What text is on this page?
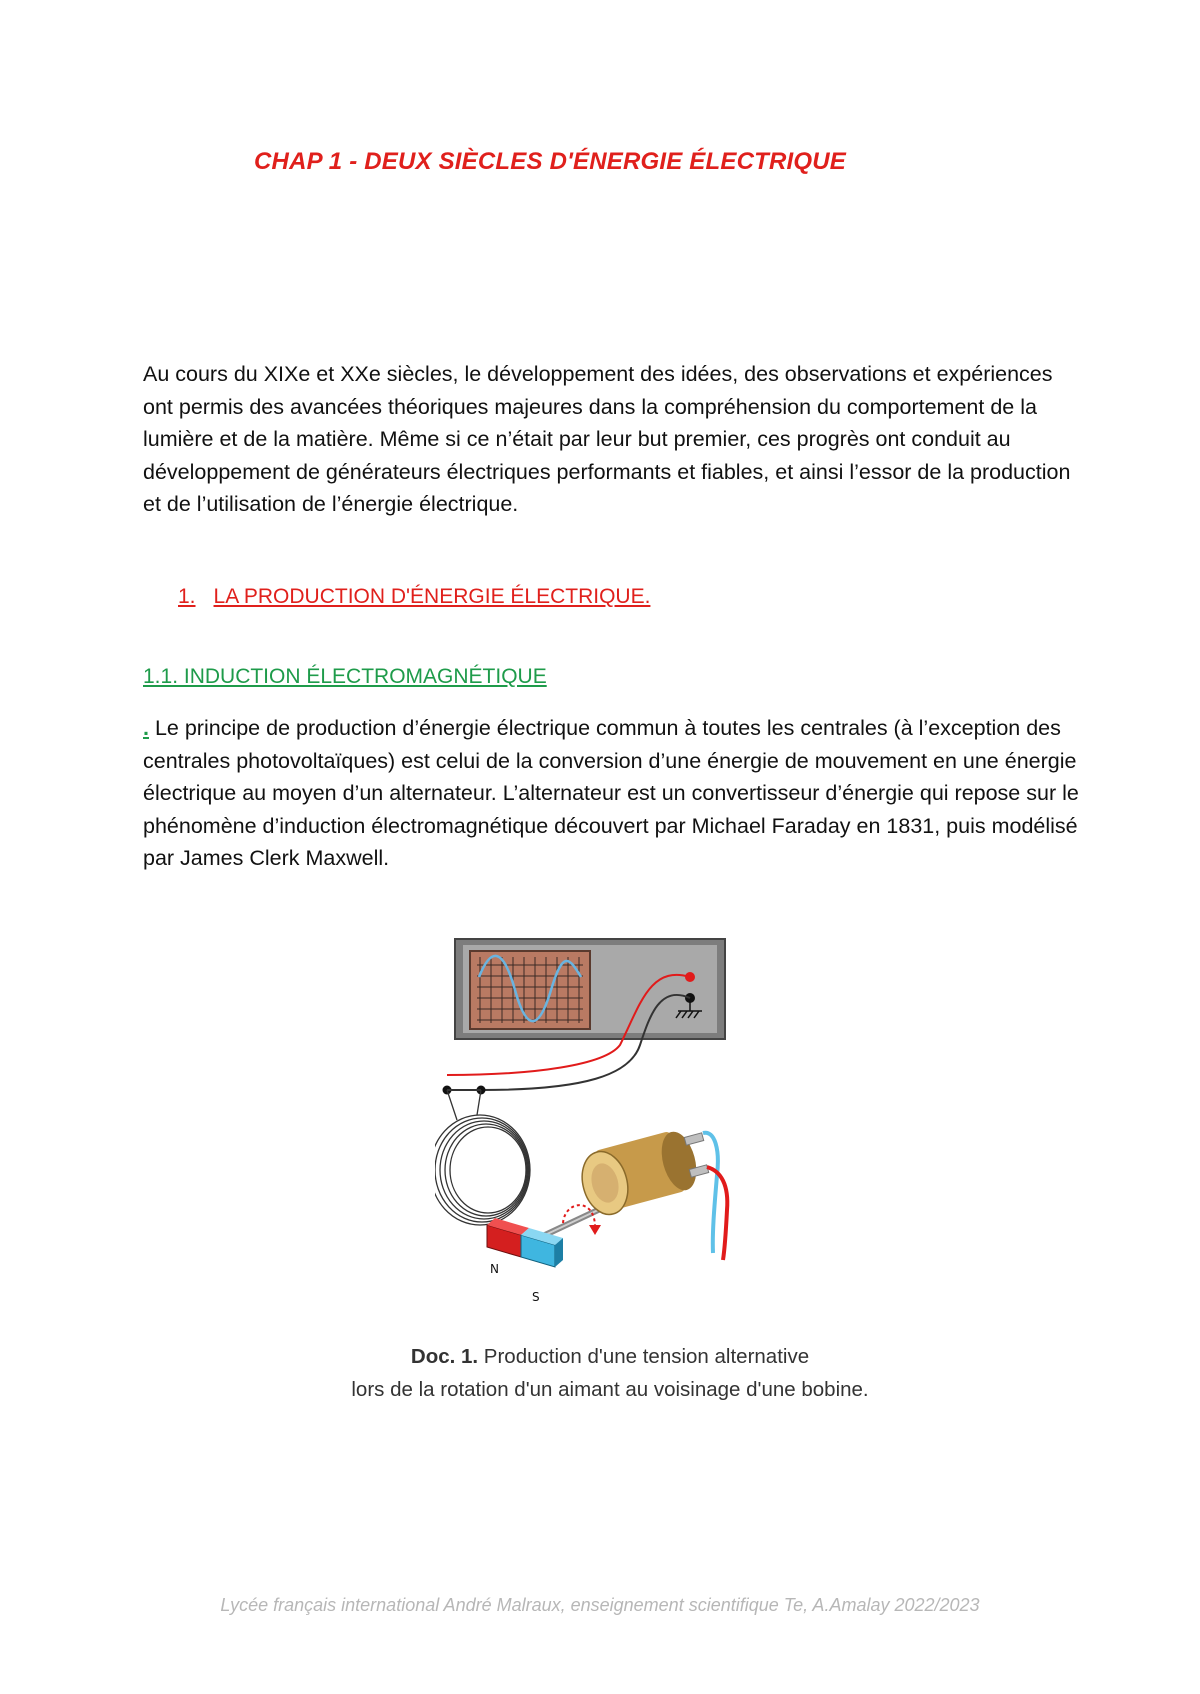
CHAP 1 - DEUX SIÈCLES D'ÉNERGIE ÉLECTRIQUE
Au cours du XIXe et XXe siècles, le développement des idées, des observations et expériences ont permis des avancées théoriques majeures dans la compréhension du comportement de la lumière et de la matière. Même si ce n’était par leur but premier, ces progrès ont conduit au développement de générateurs électriques performants et fiables, et ainsi l’essor de la production et de l’utilisation de l’énergie électrique.
1. LA PRODUCTION D'ÉNERGIE ÉLECTRIQUE.
1.1. INDUCTION ÉLECTROMAGNÉTIQUE
. Le principe de production d’énergie électrique commun à toutes les centrales (à l’exception des centrales photovoltaïques) est celui de la conversion d’une énergie de mouvement en une énergie électrique au moyen d’un alternateur. L’alternateur est un convertisseur d’énergie qui repose sur le phénomène d’induction électromagnétique découvert par Michael Faraday en 1831, puis modélisé par James Clerk Maxwell.
N
S
Doc. 1. Production d'une tension alternative
lors de la rotation d'un aimant au voisinage d'une bobine.
Lycée français international André Malraux, enseignement scientifique Te, A.Amalay 2022/2023
